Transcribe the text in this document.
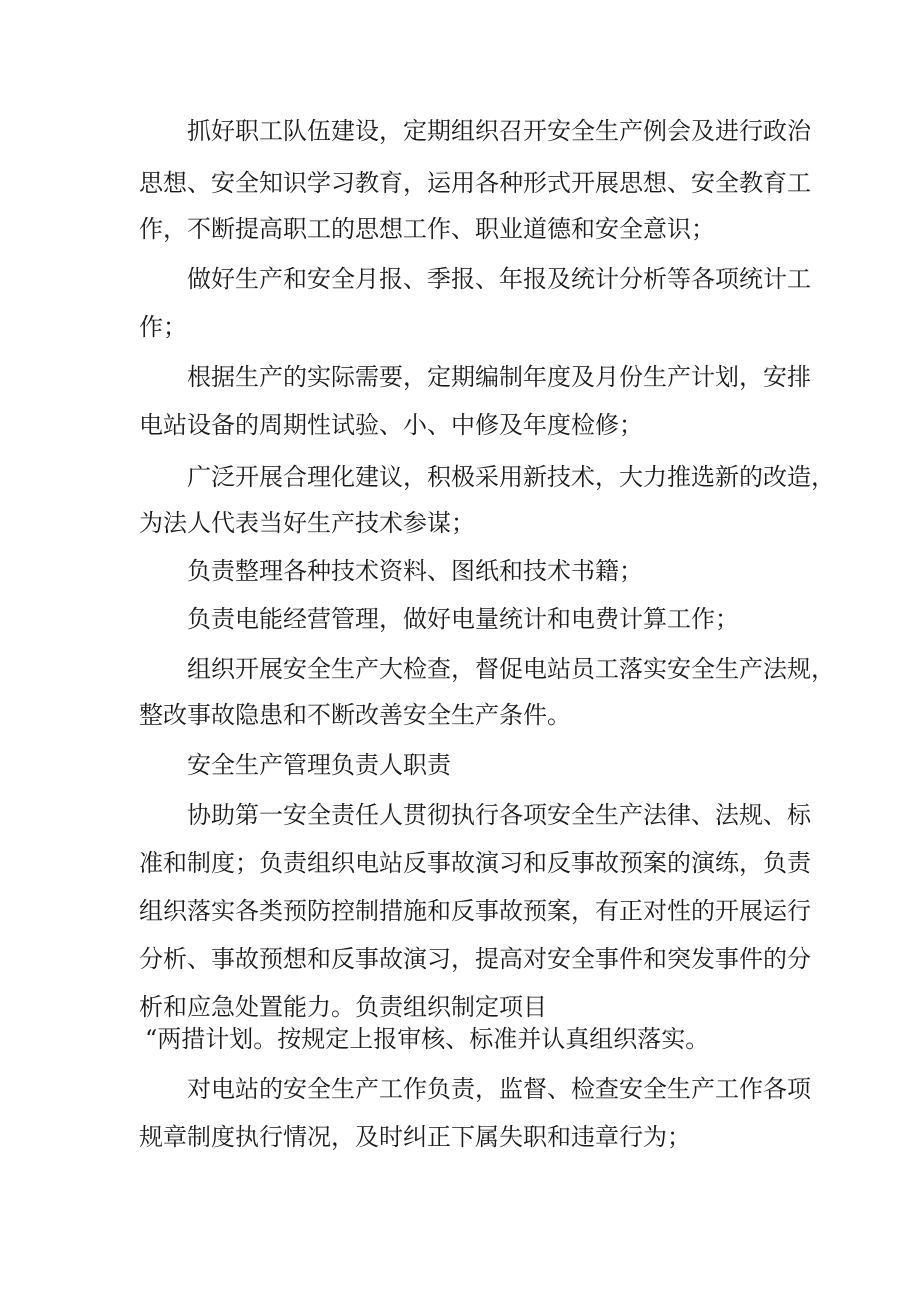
抓好职工队伍建设，定期组织召开安全生产例会及进行政治
思想、安全知识学习教育，运用各种形式开展思想、安全教育工
作，不断提高职工的思想工作、职业道德和安全意识；
做好生产和安全月报、季报、年报及统计分析等各项统计工
作；
根据生产的实际需要，定期编制年度及月份生产计划，安排
电站设备的周期性试验、小、中修及年度检修；
广泛开展合理化建议，积极采用新技术，大力推选新的改造，
为法人代表当好生产技术参谋；
负责整理各种技术资料、图纸和技术书籍；
负责电能经营管理，做好电量统计和电费计算工作；
组织开展安全生产大检查，督促电站员工落实安全生产法规，
整改事故隐患和不断改善安全生产条件。
安全生产管理负责人职责
协助第一安全责任人贯彻执行各项安全生产法律、法规、标
准和制度；负责组织电站反事故演习和反事故预案的演练，负责
组织落实各类预防控制措施和反事故预案，有正对性的开展运行
分析、事故预想和反事故演习，提高对安全事件和突发事件的分
析和应急处置能力。负责组织制定项目
“两措计划。按规定上报审核、标准并认真组织落实。
对电站的安全生产工作负责，监督、检查安全生产工作各项
规章制度执行情况，及时纠正下属失职和违章行为；
